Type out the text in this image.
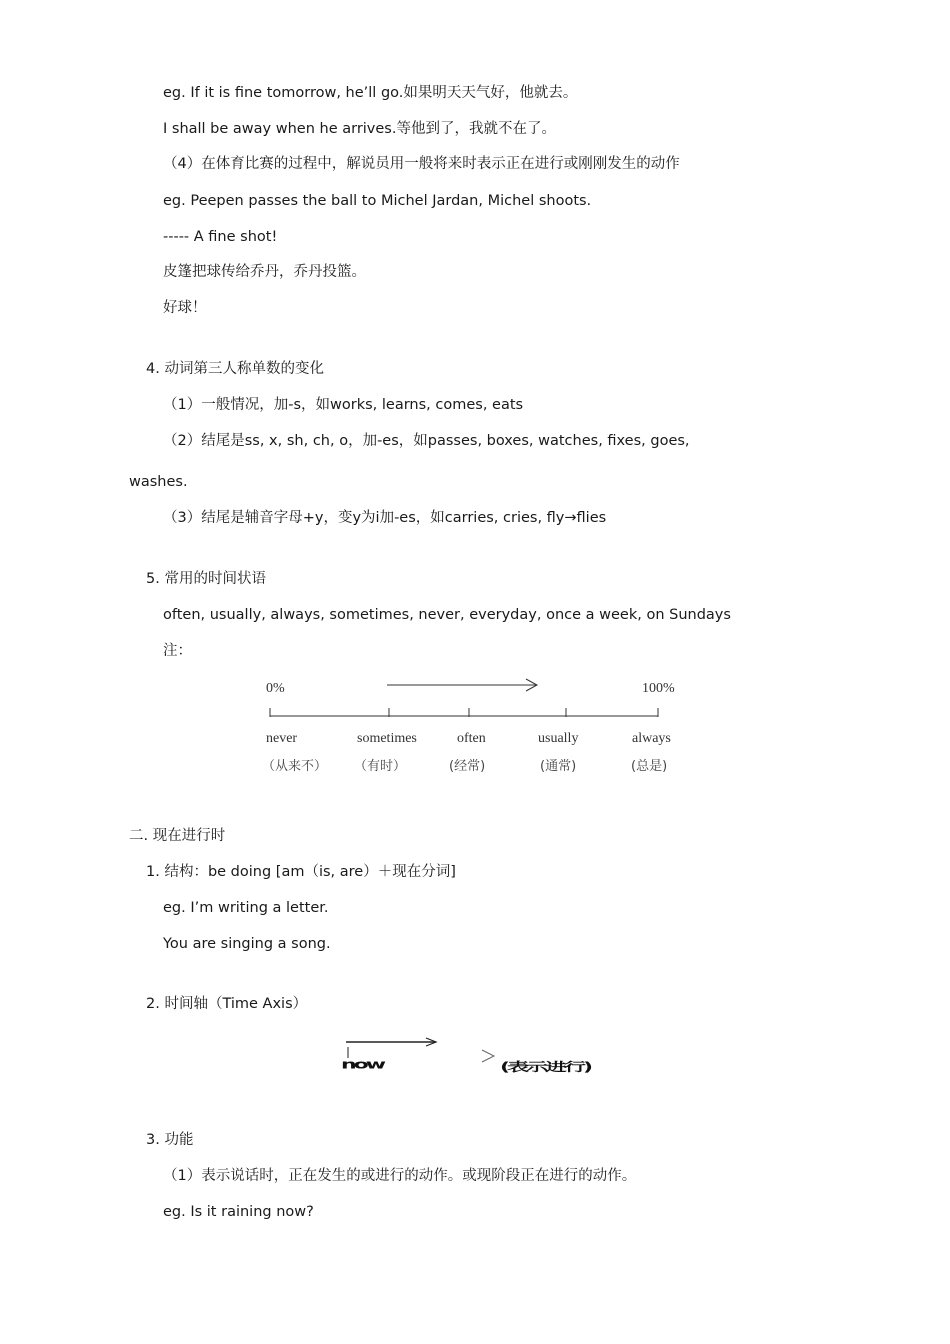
eg. If it is fine tomorrow, he’ll go.如果明天天气好，他就去。
I shall be away when he arrives.等他到了，我就不在了。
（4）在体育比赛的过程中，解说员用一般将来时表示正在进行或刚刚发生的动作
eg. Peepen passes the ball to Michel Jardan, Michel shoots.
----- A fine shot!
皮篷把球传给乔丹，乔丹投篮。
好球！
4. 动词第三人称单数的变化
（1）一般情况，加-s，如works, learns, comes, eats
（2）结尾是ss, x, sh, ch, o，加-es，如passes, boxes, watches, fixes, goes,
washes.
（3）结尾是辅音字母+y，变y为i加-es，如carries, cries, fly→flies
5. 常用的时间状语
often, usually, always, sometimes, never, everyday, once a week, on Sundays
注：
0%	100%
never	sometimes	often	usually	always
（从来不） （有时）	(经常)	(通常)	(总是)
二. 现在进行时
1. 结构：be doing [am（is, are）＋现在分词]
eg. I’m writing a letter.
You are singing a song.
2. 时间轴（Time Axis）
now	(表示进行)
3. 功能
（1）表示说话时，正在发生的或进行的动作。或现阶段正在进行的动作。
eg. Is it raining now?
